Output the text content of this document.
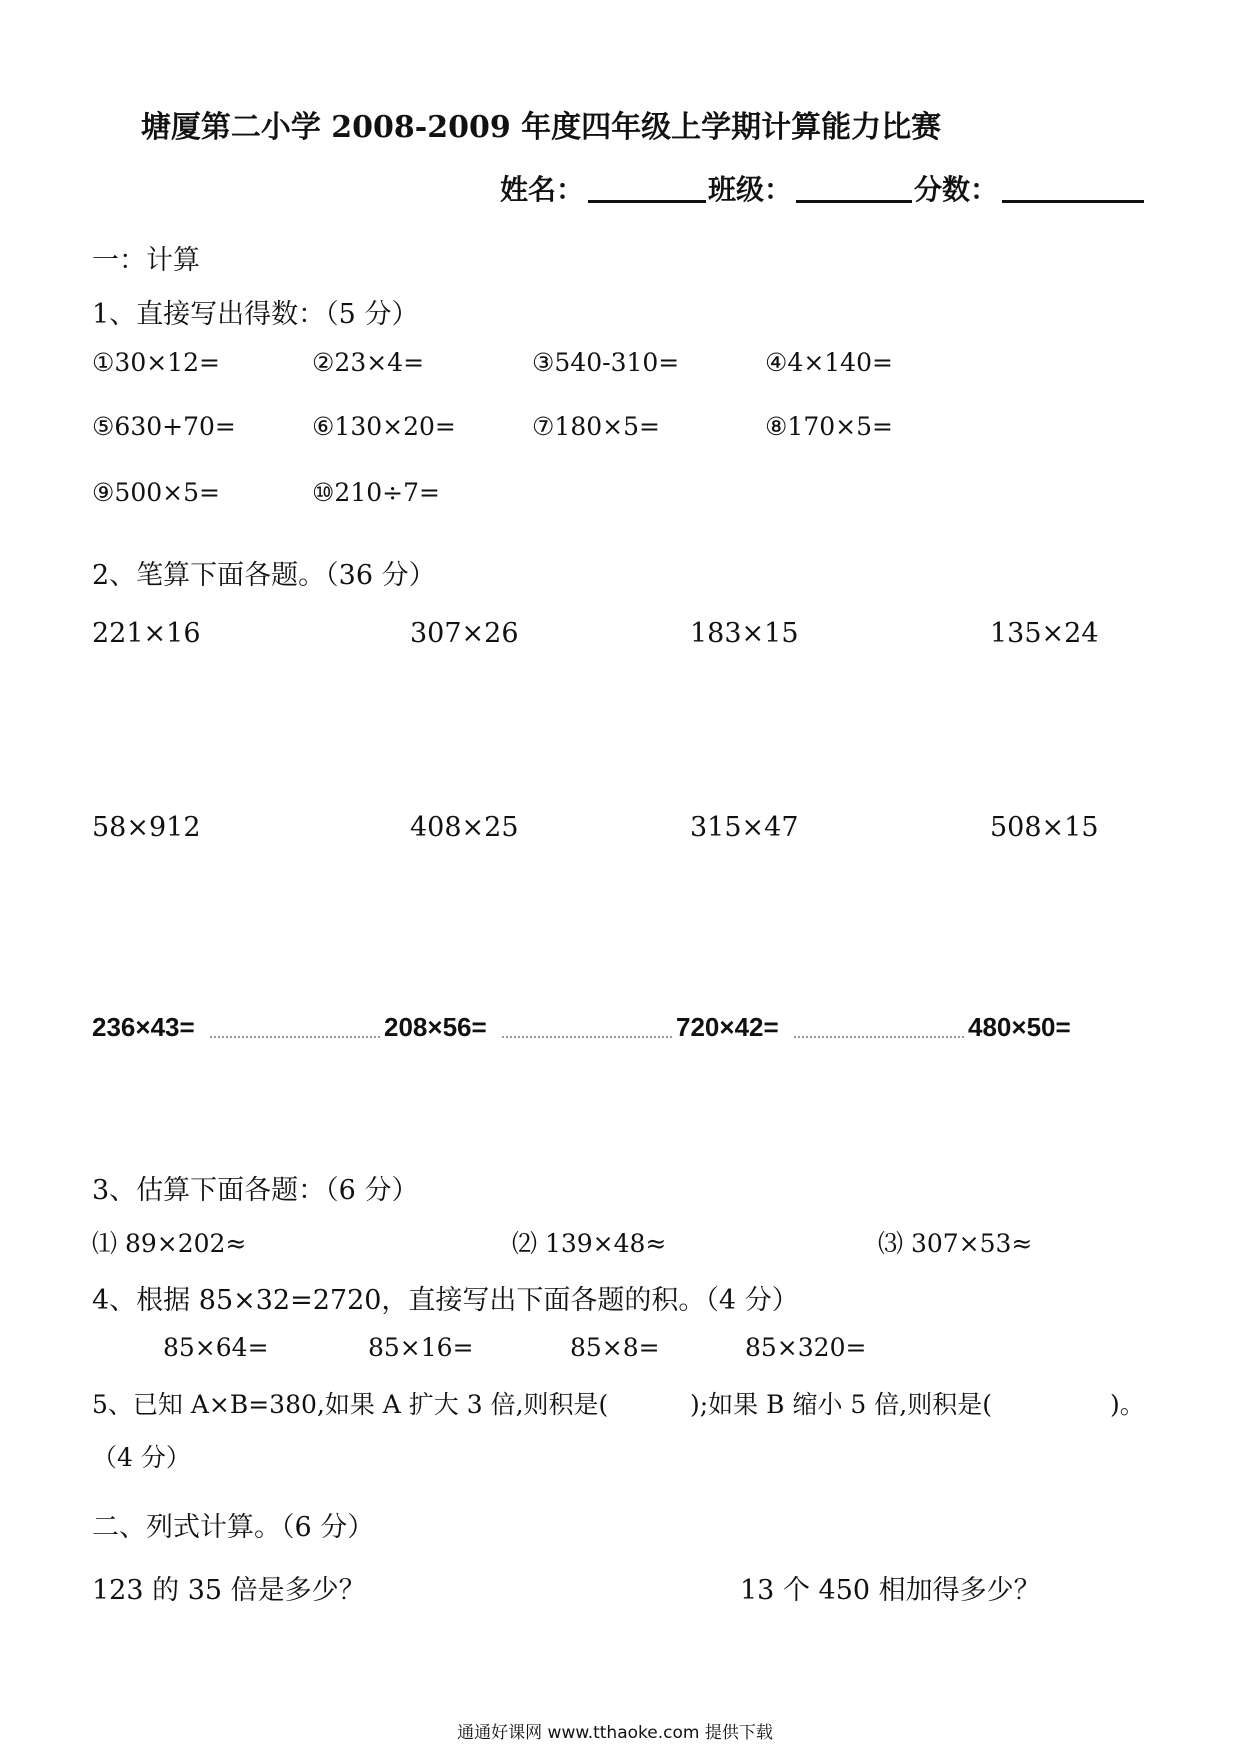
塘厦第二小学 2008-2009 年度四年级上学期计算能力比赛
姓名：	班级：	分数：
一：计算
1、直接写出得数：（5 分）
①30×12=	②23×4=	③540-310=	④4×140=
⑤630+70=	⑥130×20=	⑦180×5=	⑧170×5=
⑨500×5=	⑩210÷7=
2、笔算下面各题。（36 分）
221×16	307×26	183×15	135×24
58×912	408×25	315×47	508×15
236×43=	208×56=	720×42=	480×50=
3、估算下面各题：（6 分）
⑴ 89×202≈	⑵ 139×48≈	⑶ 307×53≈
4、根据 85×32=2720，直接写出下面各题的积。（4 分）
85×64=	85×16=	85×8=	85×320=
5、已知 A×B=380,如果 A 扩大 3 倍,则积是(	);如果 B 缩小 5 倍,则积是(	)。
（4 分）
二、列式计算。（6 分）
123 的 35 倍是多少？	13 个 450 相加得多少？
通通好课网 www.tthaoke.com 提供下载
